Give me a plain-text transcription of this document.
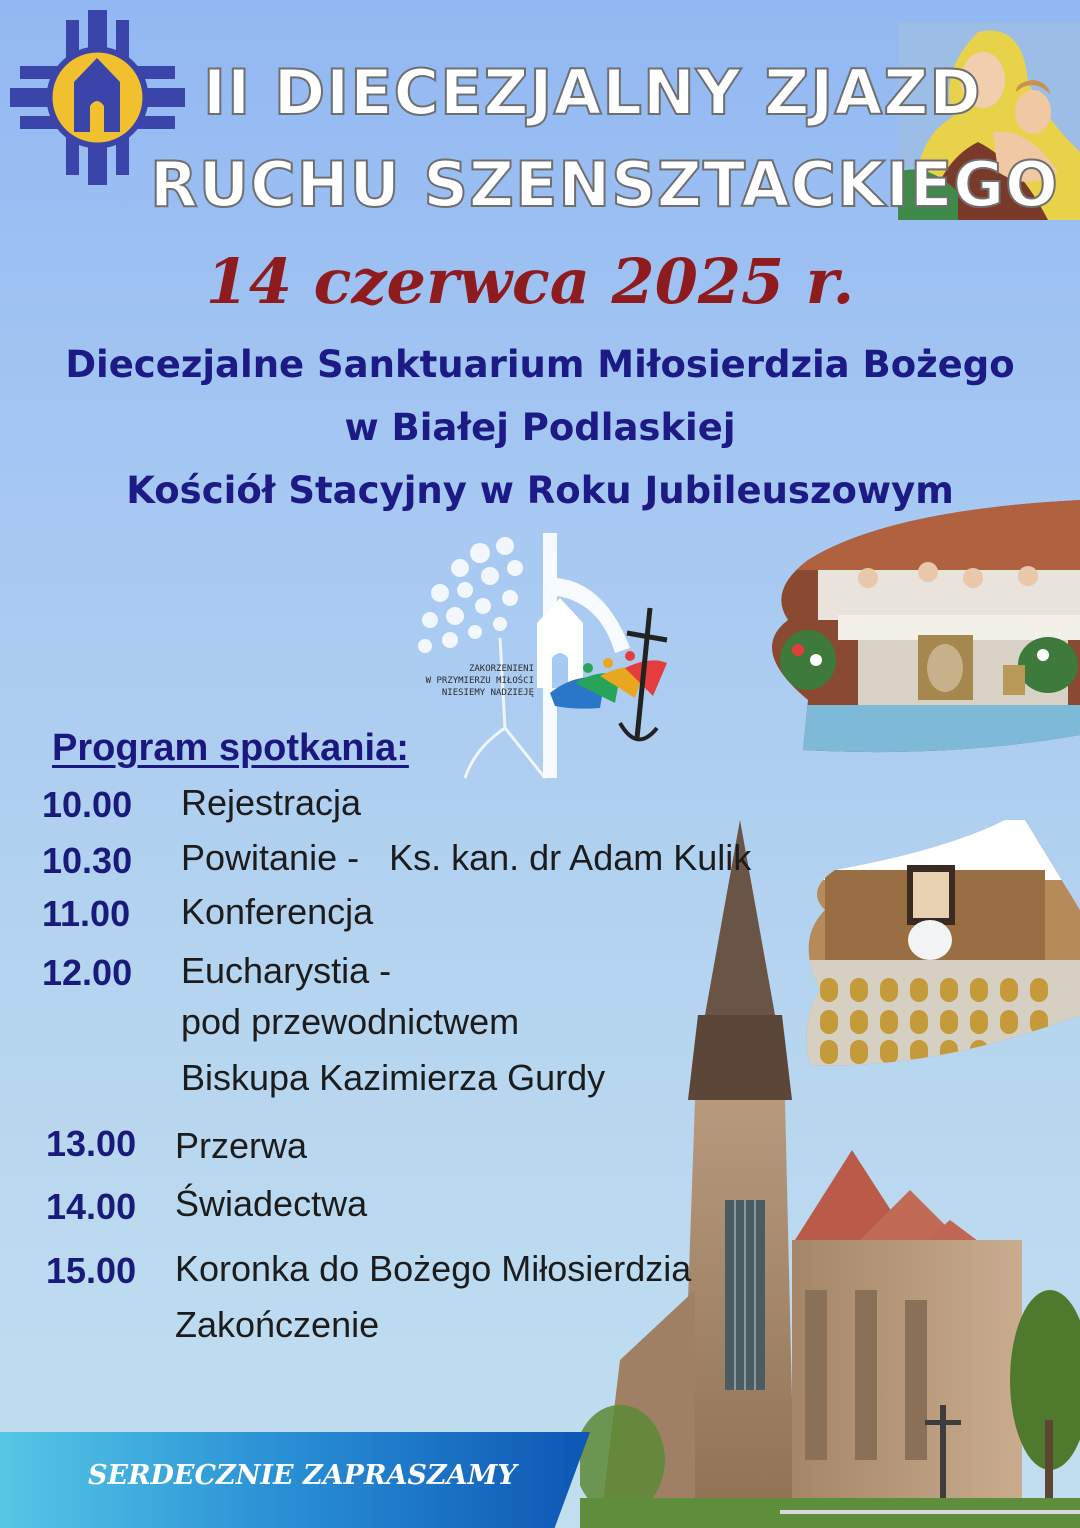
II DIECEZJALNY ZJAZD
RUCHU SZENSZTACKIEGO
14 czerwca 2025 r.
Diecezjalne Sanktuarium Miłosierdzia Bożego
w Białej Podlaskiej
Kościół Stacyjny w Roku Jubileuszowym
ZAKORZENIENI
W PRZYMIERZU MIŁOŚCI
NIESIEMY NADZIEJĘ
Program spotkania:
10.00 Rejestracja
10.30 Powitanie -   Ks. kan. dr Adam Kulik
11.00 Konferencja
12.00 Eucharystia -
pod przewodnictwem
Biskupa Kazimierza Gurdy
13.00 Przerwa
14.00 Świadectwa
15.00 Koronka do Bożego Miłosierdzia
Zakończenie
SERDECZNIE ZAPRASZAMY
